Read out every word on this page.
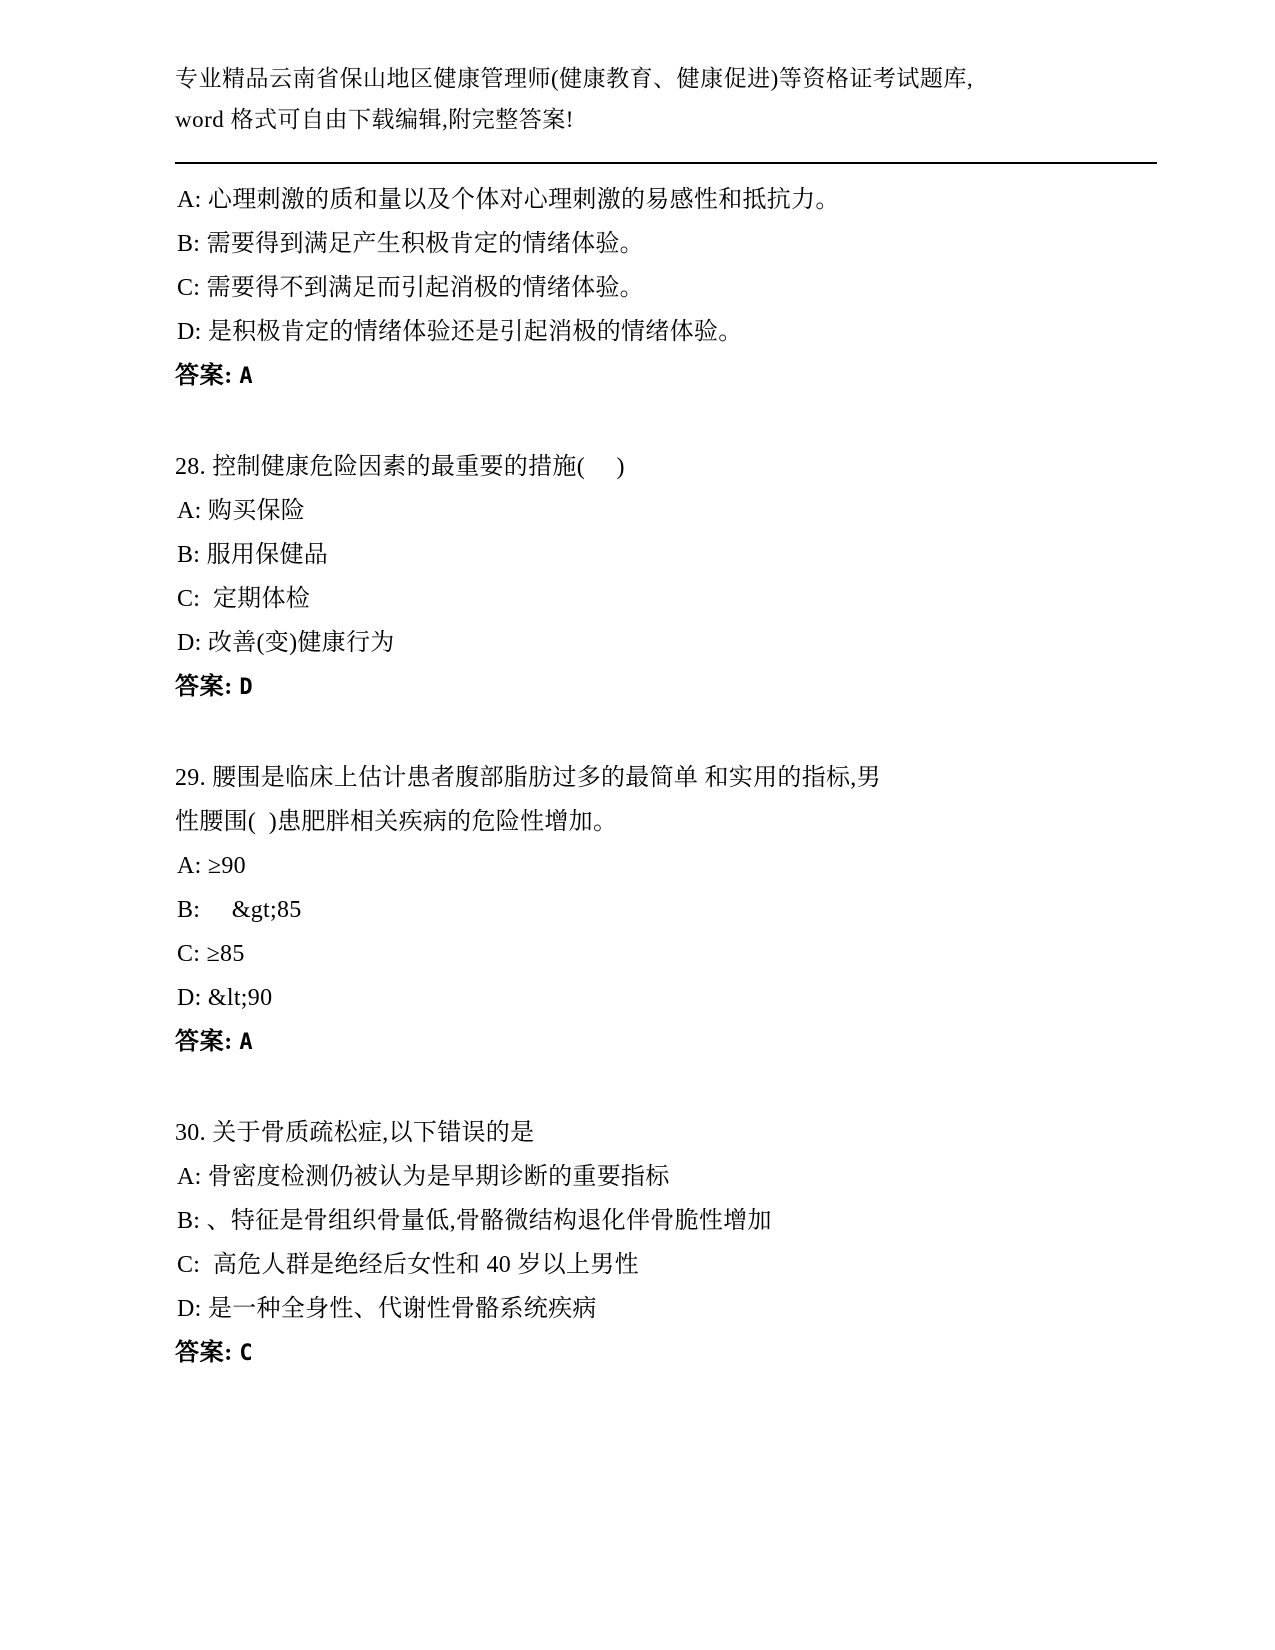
专业精品云南省保山地区健康管理师(健康教育、健康促进)等资格证考试题库,
word 格式可自由下载编辑,附完整答案!
A: 心理刺激的质和量以及个体对心理刺激的易感性和抵抗力。
B: 需要得到满足产生积极肯定的情绪体验。
C: 需要得不到满足而引起消极的情绪体验。
D: 是积极肯定的情绪体验还是引起消极的情绪体验。
答案: A
28. 控制健康危险因素的最重要的措施(     )
A: 购买保险
B: 服用保健品
C:  定期体检
D: 改善(变)健康行为
答案: D
29. 腰围是临床上估计患者腹部脂肪过多的最简单 和实用的指标,男
性腰围(  )患肥胖相关疾病的危险性增加。
A: ≥90
B:     &gt;85
C: ≥85
D: &lt;90
答案: A
30. 关于骨质疏松症,以下错误的是
A: 骨密度检测仍被认为是早期诊断的重要指标
B: 、特征是骨组织骨量低,骨骼微结构退化伴骨脆性增加
C:  高危人群是绝经后女性和 40 岁以上男性
D: 是一种全身性、代谢性骨骼系统疾病
答案: C
